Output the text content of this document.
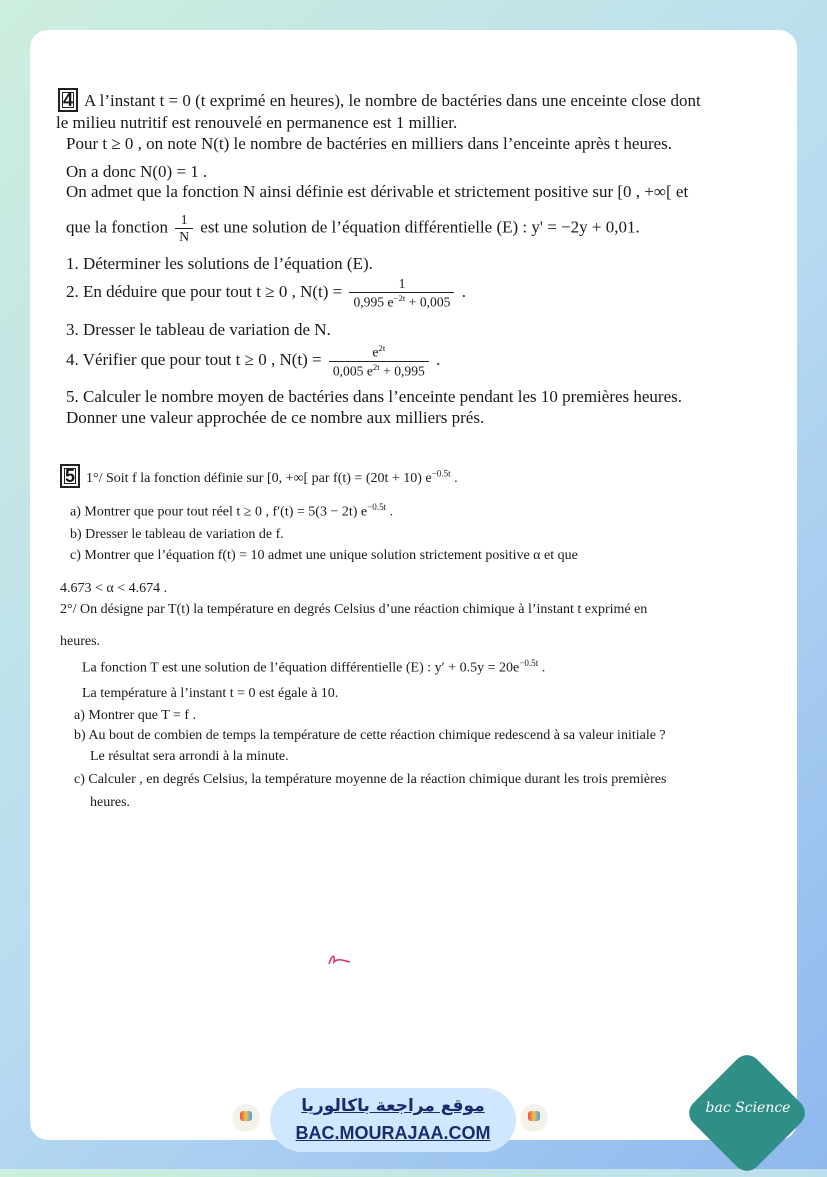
4 A l’instant t = 0 (t exprimé en heures), le nombre de bactéries dans une enceinte close dont
le milieu nutritif est renouvelé en permanence est 1 millier.
Pour t ≥ 0 , on note N(t) le nombre de bactéries en milliers dans l’enceinte après t heures.
On a donc N(0) = 1 .
On admet que la fonction N ainsi définie est dérivable et strictement positive sur [0 , +∞[ et
que la fonction $\frac{1}{N}$ est une solution de l’équation différentielle (E) : y' = −2y + 0,01.
1. Déterminer les solutions de l’équation (E).
2. En déduire que pour tout t ≥ 0 , $N(t) = \frac{1}{0,995 e^{-2t} + 0,005}$ .
3. Dresser le tableau de variation de N.
4. Vérifier que pour tout t ≥ 0 , $N(t) = \frac{e^{2t}}{0,005 e^{2t} + 0,995}$ .
5. Calculer le nombre moyen de bactéries dans l’enceinte pendant les 10 premières heures.
Donner une valeur approchée de ce nombre aux milliers prés.
5 1°/ Soit f la fonction définie sur [0, +∞[ par f(t) = (20t + 10) $e^{-0.5t}$ .
a) Montrer que pour tout réel t ≥ 0 , f′(t) = 5(3 − 2t) $e^{-0.5t}$ .
b) Dresser le tableau de variation de f.
c) Montrer que l’équation f(t) = 10 admet une unique solution strictement positive α et que
4.673 < α < 4.674 .
2°/ On désigne par T(t) la température en degrés Celsius d’une réaction chimique à l’instant t exprimé en
heures.
La fonction T est une solution de l’équation différentielle (E) : $y' + 0.5y = 20e^{-0.5t}$ .
La température à l’instant t = 0 est égale à 10.
a) Montrer que T = f .
b) Au bout de combien de temps la température de cette réaction chimique redescend à sa valeur initiale ?
Le résultat sera arrondi à la minute.
c) Calculer , en degrés Celsius, la température moyenne de la réaction chimique durant les trois premières
heures.
موقع مراجعة باكالوريا
BAC.MOURAJAA.COM
bac Science
